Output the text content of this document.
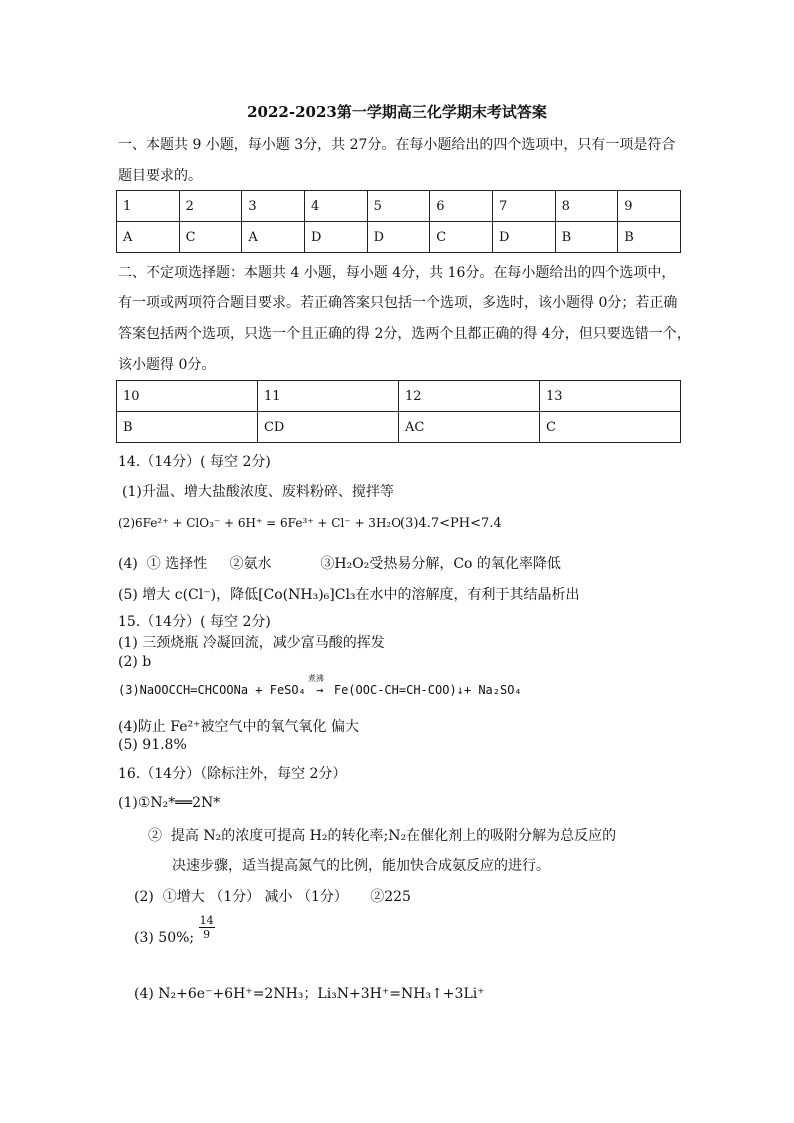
2022-2023第一学期高三化学期末考试答案
一、本题共 9 小题，每小题 3分，共 27分。在每小题给出的四个选项中，只有一项是符合
题目要求的。
1	2	3	4	5	6	7	8	9
A	C	A	D	D	C	D	B	B
二、不定项选择题：本题共 4 小题，每小题 4分，共 16分。在每小题给出的四个选项中，
有一项或两项符合题目要求。若正确答案只包括一个选项，多选时，该小题得 0分；若正确
答案包括两个选项，只选一个且正确的得 2分，选两个且都正确的得 4分，但只要选错一个，
该小题得 0分。
10	11	12	13
B	CD	AC	C
14.（14分）( 每空 2分)
(1)升温、增大盐酸浓度、废料粉碎、搅拌等
(2)6Fe²⁺ + ClO₃⁻ + 6H⁺ = 6Fe³⁺ + Cl⁻ + 3H₂O
(3)4.7<PH<7.4
(4) ① 选择性 ②氨水	③H₂O₂受热易分解，Co 的氧化率降低
(5) 增大 c(Cl⁻)，降低[Co(NH₃)₆]Cl₃在水中的溶解度，有利于其结晶析出
15.（14分）( 每空 2分)
(1) 三颈烧瓶 冷凝回流，减少富马酸的挥发
(2) b
(3)NaOOCCH=CHCOONa + FeSO₄
煮沸
→ Fe(OOC-CH=CH-COO)↓+ Na₂SO₄
(4)防止 Fe²⁺被空气中的氧气氧化 偏大
(5) 91.8%
16.（14分）（除标注外，每空 2分）
(1)①N₂*══2N*
② 提高 N₂的浓度可提高 H₂的转化率;N₂在催化剂上的吸附分解为总反应的
决速步骤，适当提高氮气的比例，能加快合成氨反应的进行。
(2) ①增大 （1分） 减小 （1分） ②225
(3) 50%; $\frac{14}{9}$
(4) N₂+6e⁻+6H⁺=2NH₃；Li₃N+3H⁺=NH₃↑+3Li⁺
